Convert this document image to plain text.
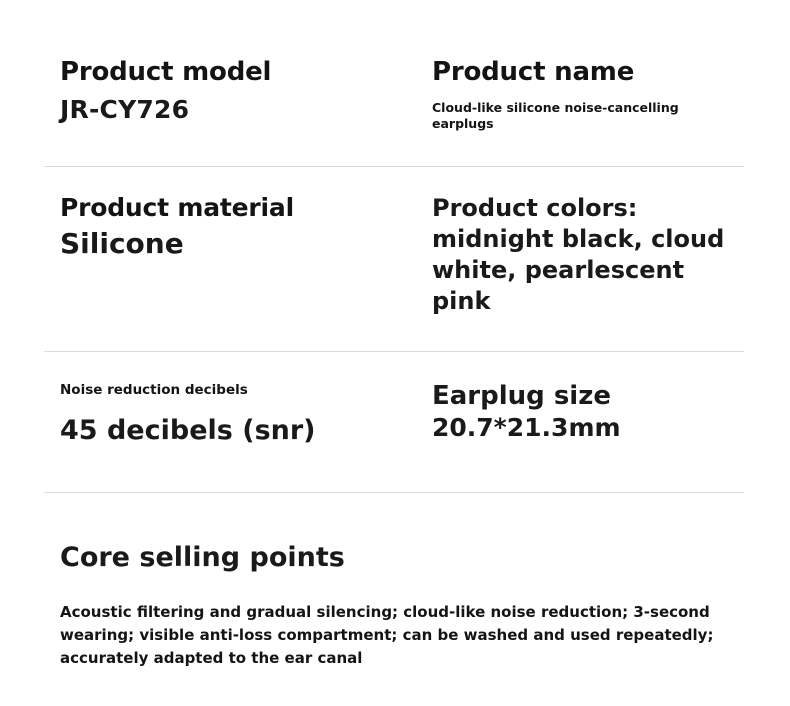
Product model
JR-CY726
Product name
Cloud-like silicone noise-cancelling earplugs
Product material
Silicone
Product colors: midnight black, cloud white, pearlescent pink
Noise reduction decibels
45 decibels (snr)
Earplug size
20.7*21.3mm
Core selling points
Acoustic filtering and gradual silencing; cloud-like noise reduction; 3-second wearing; visible anti-loss compartment; can be washed and used repeatedly; accurately adapted to the ear canal
